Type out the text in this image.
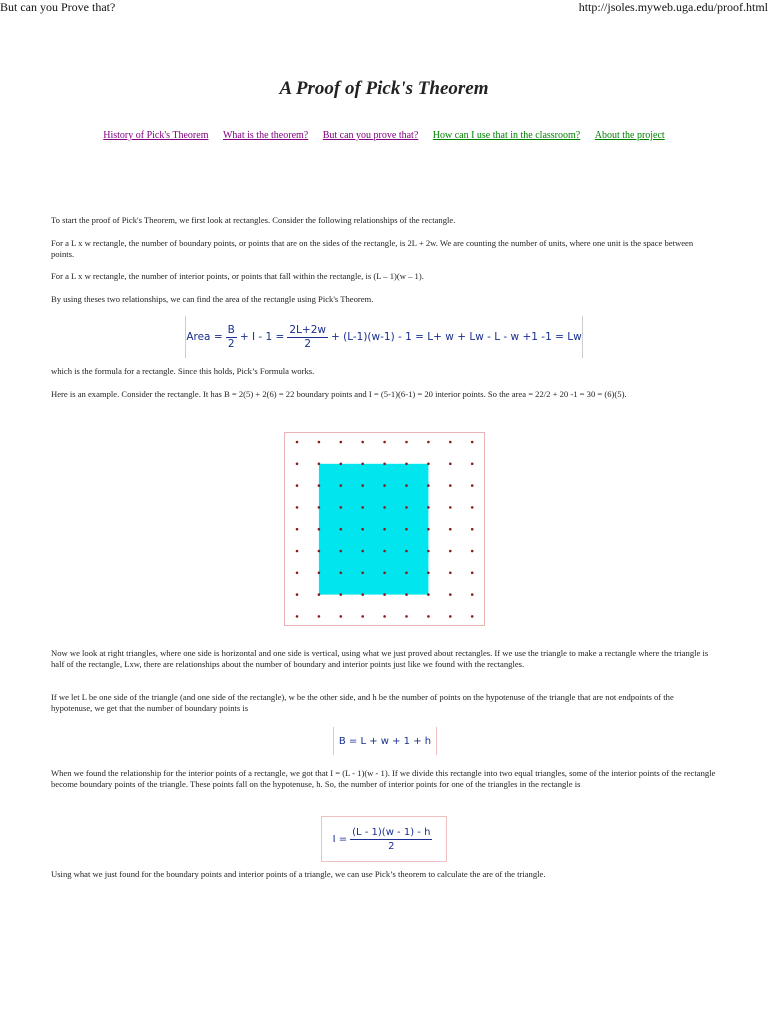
But can you Prove that?	http://jsoles.myweb.uga.edu/proof.html
A Proof of Pick's Theorem
History of Pick's Theorem What is the theorem? But can you prove that? How can I use that in the classroom? About the project

To start the proof of Pick's Theorem, we first look at rectangles. Consider the following relationships of the rectangle.

For a L x w rectangle, the number of boundary points, or points that are on the sides of the rectangle, is 2L + 2w. We are counting the number of units, where one unit is the space between points.

For a L x w rectangle, the number of interior points, or points that fall within the rectangle, is (L – 1)(w – 1).

By using theses two relationships, we can find the area of the rectangle using Pick's Theorem.

Area = $\frac{B}{2} + I - 1 = \frac{2L+2w}{2} + (L-1)(w-1) - 1 = L+ w + Lw - L - w +1$ -1 = Lw

which is the formula for a rectangle. Since this holds, Pick’s Formula works.

Here is an example. Consider the rectangle. It has B = 2(5) + 2(6) = 22 boundary points and I = (5-1)(6-1) = 20 interior points. So the area = 22/2 + 20 -1 = 30 = (6)(5).

Now we look at right triangles, where one side is horizontal and one side is vertical, using what we just proved about rectangles. If we use the triangle to make a rectangle where the triangle is half of the rectangle, Lxw, there are relationships about the number of boundary and interior points just like we found with the rectangles.

If we let L be one side of the triangle (and one side of the rectangle), w be the other side, and h be the number of points on the hypotenuse of the triangle that are not endpoints of the hypotenuse, we get that the number of boundary points is

B = L + w + 1 + h

When we found the relationship for the interior points of a rectangle, we got that I = (L - 1)(w - 1). If we divide this rectangle into two equal triangles, some of the interior points of the rectangle become boundary points of the triangle. These points fall on the hypotenuse, h. So, the number of interior points for one of the triangles in the rectangle is

$I = \frac{(L - 1)(w - 1) - h}{2}$

Using what we just found for the boundary points and interior points of a triangle, we can use Pick’s theorem to calculate the are of the triangle.
